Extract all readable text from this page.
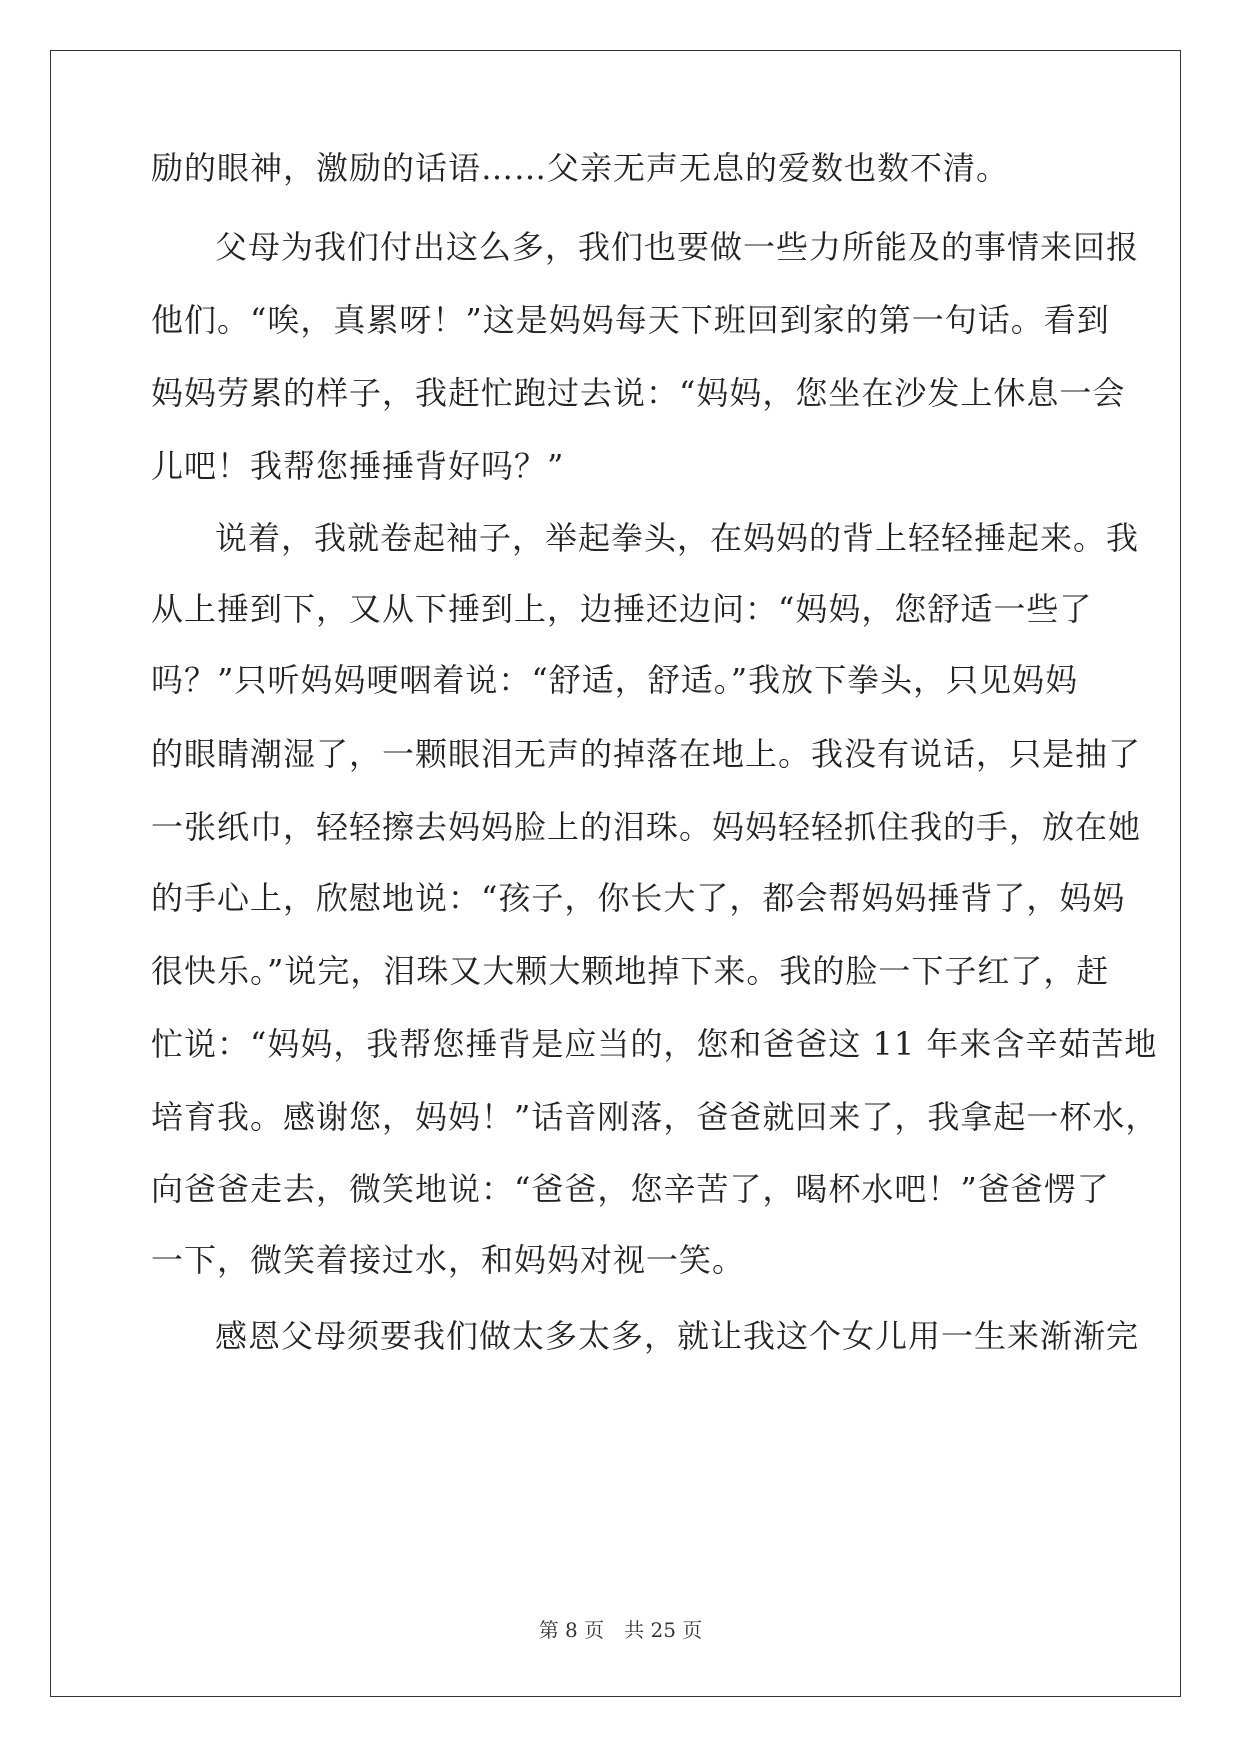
励的眼神，激励的话语……父亲无声无息的爱数也数不清。
父母为我们付出这么多，我们也要做一些力所能及的事情来回报
他们。“唉，真累呀！”这是妈妈每天下班回到家的第一句话。看到
妈妈劳累的样子，我赶忙跑过去说：“妈妈，您坐在沙发上休息一会
儿吧！我帮您捶捶背好吗？”
说着，我就卷起袖子，举起拳头，在妈妈的背上轻轻捶起来。我
从上捶到下，又从下捶到上，边捶还边问：“妈妈，您舒适一些了
吗？”只听妈妈哽咽着说：“舒适，舒适。”我放下拳头，只见妈妈
的眼睛潮湿了，一颗眼泪无声的掉落在地上。我没有说话，只是抽了
一张纸巾，轻轻擦去妈妈脸上的泪珠。妈妈轻轻抓住我的手，放在她
的手心上，欣慰地说：“孩子，你长大了，都会帮妈妈捶背了，妈妈
很快乐。”说完，泪珠又大颗大颗地掉下来。我的脸一下子红了，赶
忙说：“妈妈，我帮您捶背是应当的，您和爸爸这 11 年来含辛茹苦地
培育我。感谢您，妈妈！”话音刚落，爸爸就回来了，我拿起一杯水，
向爸爸走去，微笑地说：“爸爸，您辛苦了，喝杯水吧！”爸爸愣了
一下，微笑着接过水，和妈妈对视一笑。
感恩父母须要我们做太多太多，就让我这个女儿用一生来渐渐完
第 8 页　共 25 页
